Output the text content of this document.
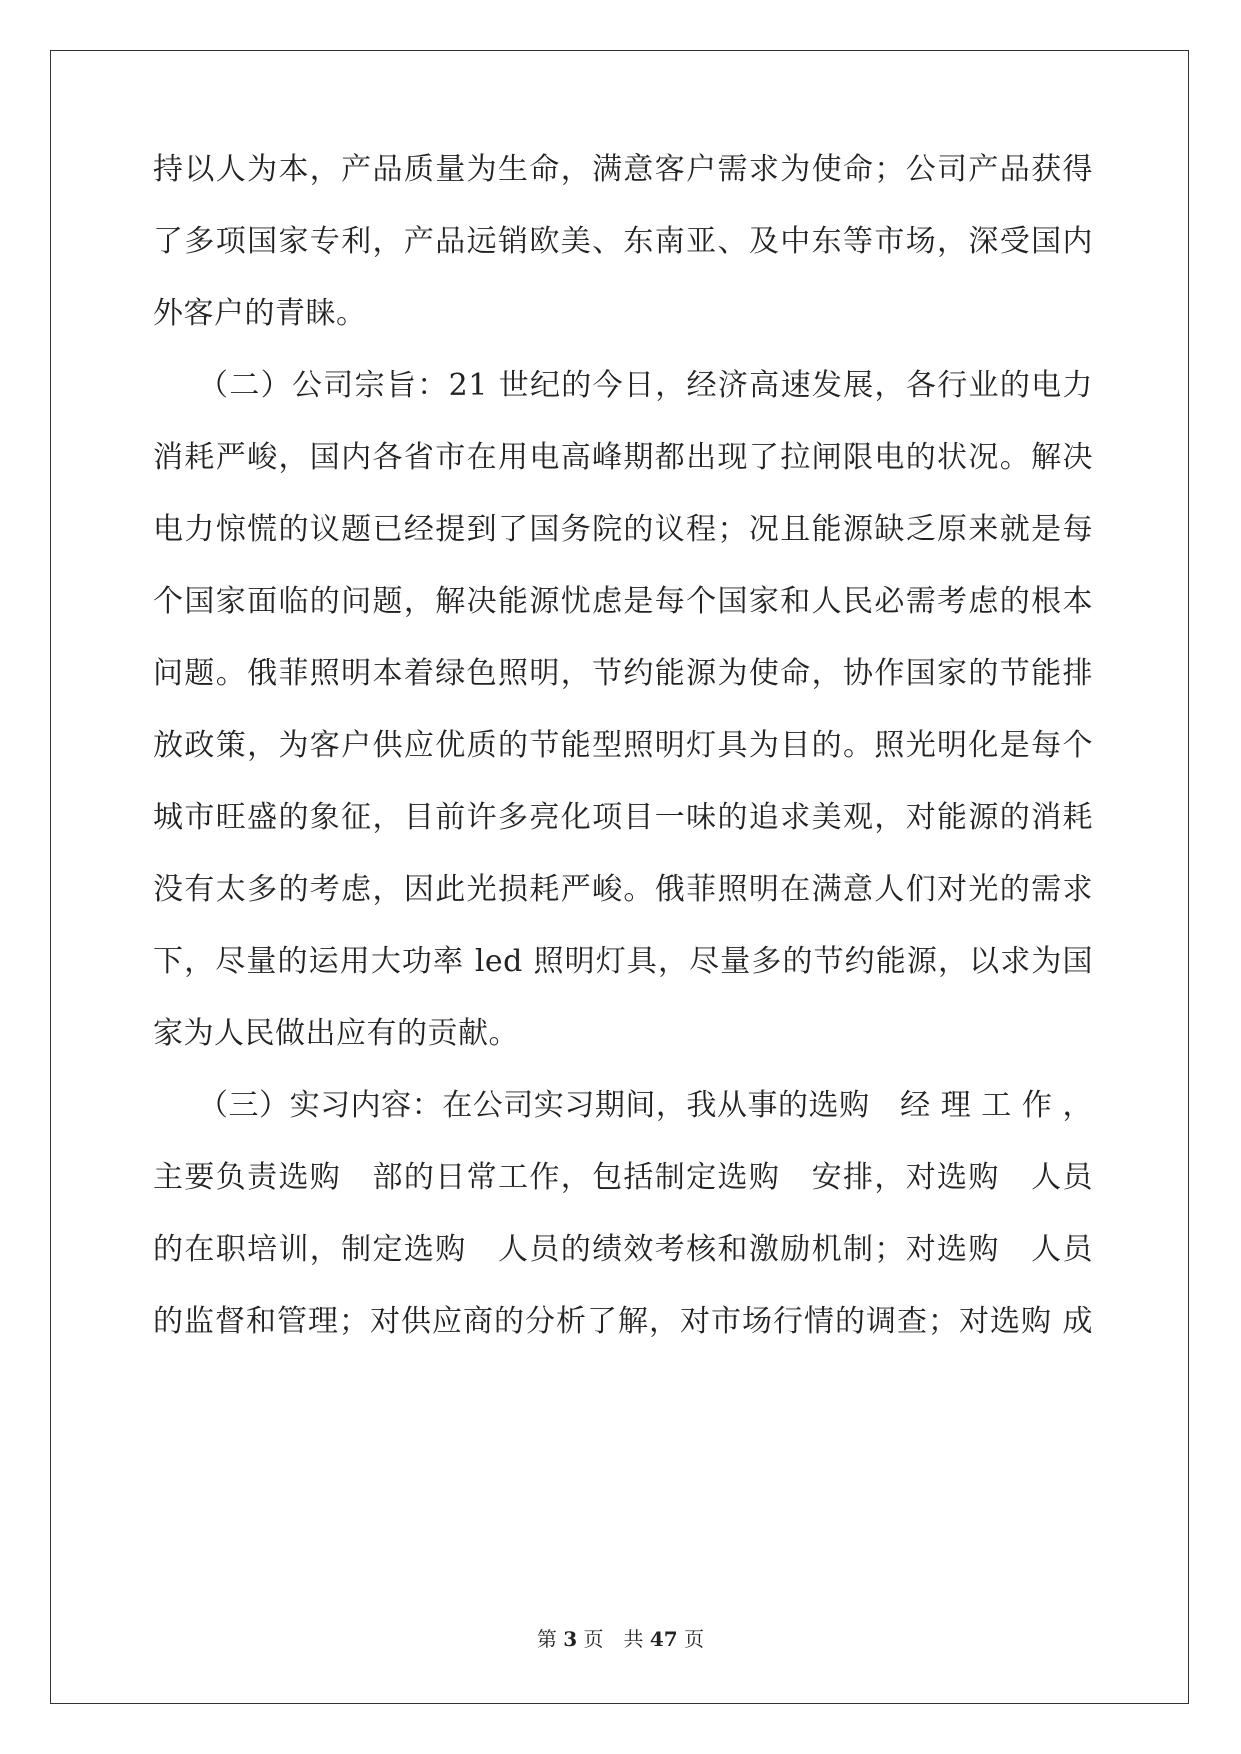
持以人为本，产品质量为生命，满意客户需求为使命；公司产品获得
了多项国家专利，产品远销欧美、东南亚、及中东等市场，深受国内
外客户的青睐。
（二）公司宗旨：21 世纪的今日，经济高速发展，各行业的电力
消耗严峻，国内各省市在用电高峰期都出现了拉闸限电的状况。解决
电力惊慌的议题已经提到了国务院的议程；况且能源缺乏原来就是每
个国家面临的问题，解决能源忧虑是每个国家和人民必需考虑的根本
问题。俄菲照明本着绿色照明，节约能源为使命，协作国家的节能排
放政策，为客户供应优质的节能型照明灯具为目的。照光明化是每个
城市旺盛的象征，目前许多亮化项目一味的追求美观，对能源的消耗
没有太多的考虑，因此光损耗严峻。俄菲照明在满意人们对光的需求
下，尽量的运用大功率 led 照明灯具，尽量多的节约能源，以求为国
家为人民做出应有的贡献。
（三）实习内容：在公司实习期间，我从事的选购　经 理 工 作 ，
主要负责选购　部的日常工作，包括制定选购　安排，对选购　人员
的在职培训，制定选购　人员的绩效考核和激励机制；对选购　人员
的监督和管理；对供应商的分析了解，对市场行情的调查；对选购 成
第 3 页　共 47 页
